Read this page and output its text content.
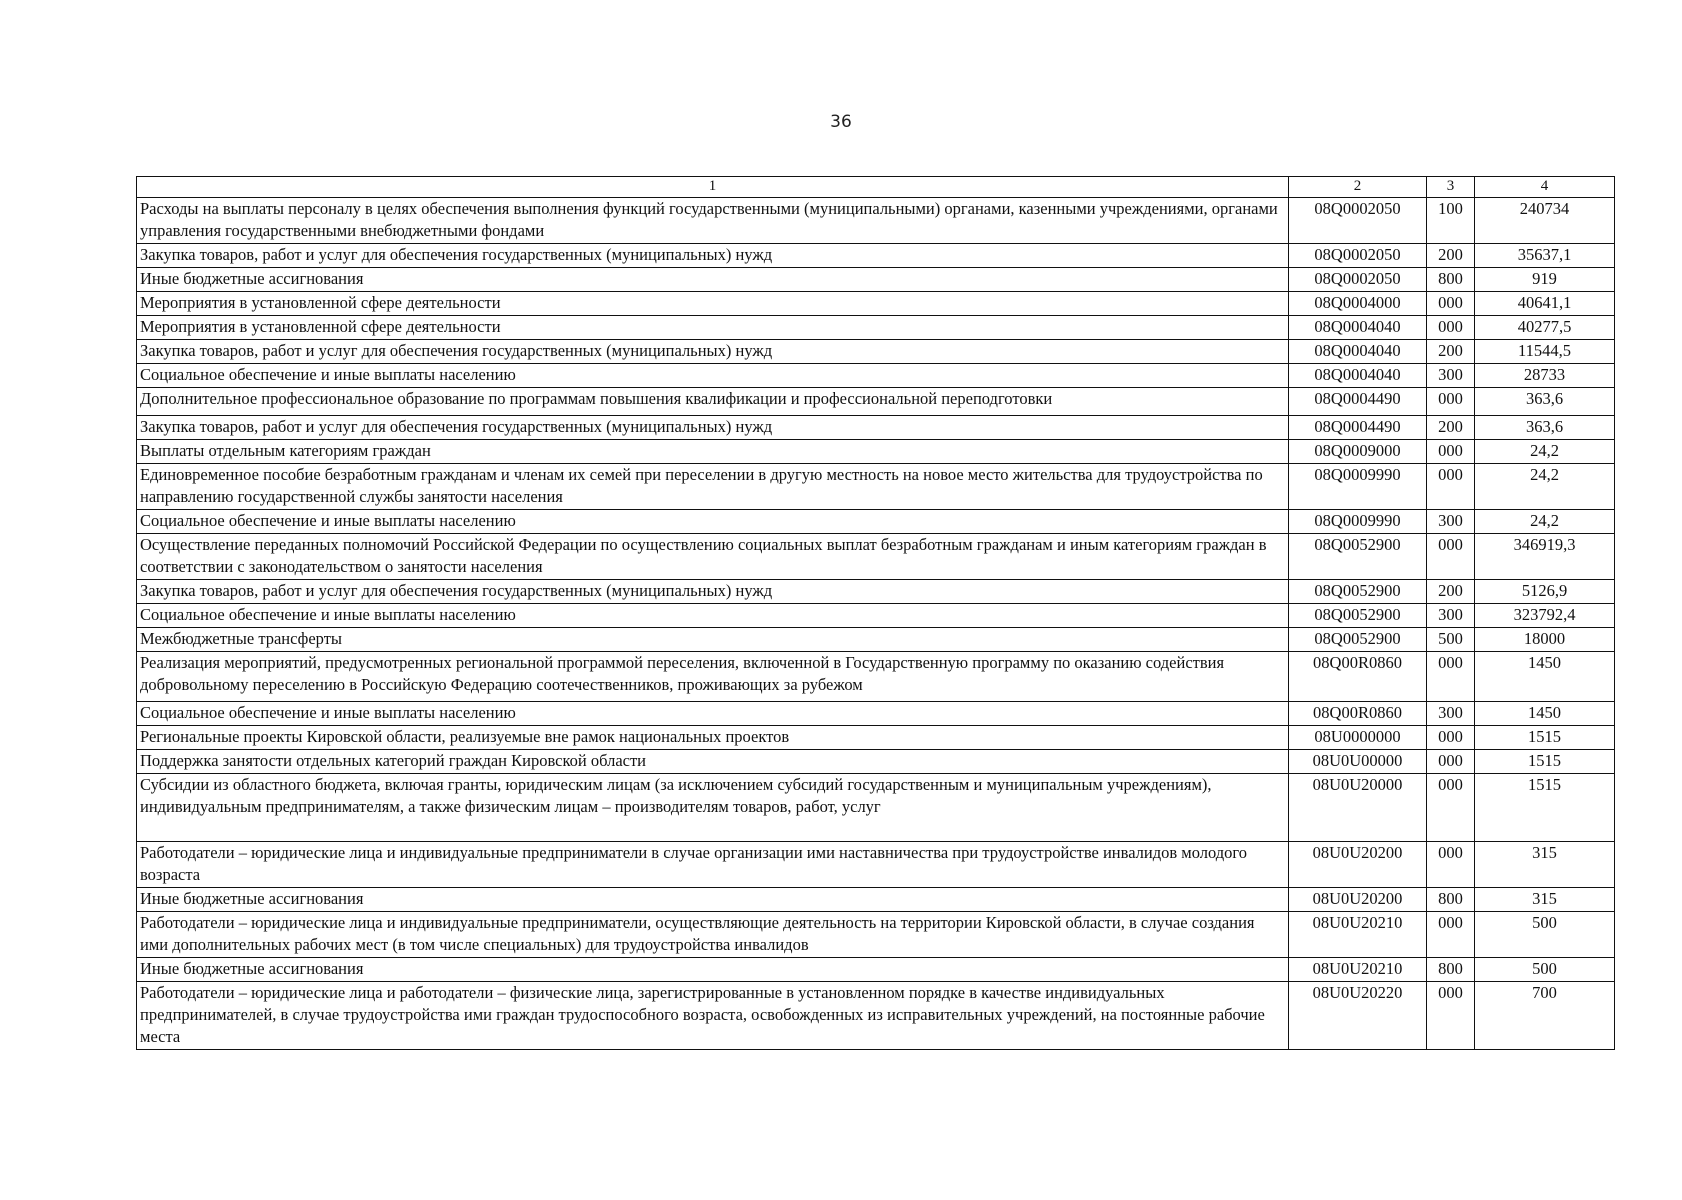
36
1	2	3	4
Расходы на выплаты персоналу в целях обеспечения выполнения функций государственными (муниципальными) органами, казенными учреждениями, органами управления государственными внебюджетными фондами	08Q0002050	100	240734
Закупка товаров, работ и услуг для обеспечения государственных (муниципальных) нужд	08Q0002050	200	35637,1
Иные бюджетные ассигнования	08Q0002050	800	919
Мероприятия в установленной сфере деятельности	08Q0004000	000	40641,1
Мероприятия в установленной сфере деятельности	08Q0004040	000	40277,5
Закупка товаров, работ и услуг для обеспечения государственных (муниципальных) нужд	08Q0004040	200	11544,5
Социальное обеспечение и иные выплаты населению	08Q0004040	300	28733
Дополнительное профессиональное образование по программам повышения квалификации и профессиональной переподготовки	08Q0004490	000	363,6
Закупка товаров, работ и услуг для обеспечения государственных (муниципальных) нужд	08Q0004490	200	363,6
Выплаты отдельным категориям граждан	08Q0009000	000	24,2
Единовременное пособие безработным гражданам и членам их семей при переселении в другую местность на новое место жительства для трудоустройства по направлению государственной службы занятости населения	08Q0009990	000	24,2
Социальное обеспечение и иные выплаты населению	08Q0009990	300	24,2
Осуществление переданных полномочий Российской Федерации по осуществлению социальных выплат безработным гражданам и иным категориям граждан в соответствии с законодательством о занятости населения	08Q0052900	000	346919,3
Закупка товаров, работ и услуг для обеспечения государственных (муниципальных) нужд	08Q0052900	200	5126,9
Социальное обеспечение и иные выплаты населению	08Q0052900	300	323792,4
Межбюджетные трансферты	08Q0052900	500	18000
Реализация мероприятий, предусмотренных региональной программой переселения, включенной в Государственную программу по оказанию содействия добровольному переселению в Российскую Федерацию соотечественников, проживающих за рубежом	08Q00R0860	000	1450
Социальное обеспечение и иные выплаты населению	08Q00R0860	300	1450
Региональные проекты Кировской области, реализуемые вне рамок национальных проектов	08U0000000	000	1515
Поддержка занятости отдельных категорий граждан Кировской области	08U0U00000	000	1515
Субсидии из областного бюджета, включая гранты, юридическим лицам (за исключением субсидий государственным и муниципальным учреждениям), индивидуальным предпринимателям, а также физическим лицам – производителям товаров, работ, услуг	08U0U20000	000	1515
Работодатели – юридические лица и индивидуальные предприниматели в случае организации ими наставничества при трудоустройстве инвалидов молодого возраста	08U0U20200	000	315
Иные бюджетные ассигнования	08U0U20200	800	315
Работодатели – юридические лица и индивидуальные предприниматели, осуществляющие деятельность на территории Кировской области, в случае создания ими дополнительных рабочих мест (в том числе специальных) для трудоустройства инвалидов	08U0U20210	000	500
Иные бюджетные ассигнования	08U0U20210	800	500
Работодатели – юридические лица и работодатели – физические лица, зарегистрированные в установленном порядке в качестве индивидуальных предпринимателей, в случае трудоустройства ими граждан трудоспособного возраста, освобожденных из исправительных учреждений, на постоянные рабочие места	08U0U20220	000	700
